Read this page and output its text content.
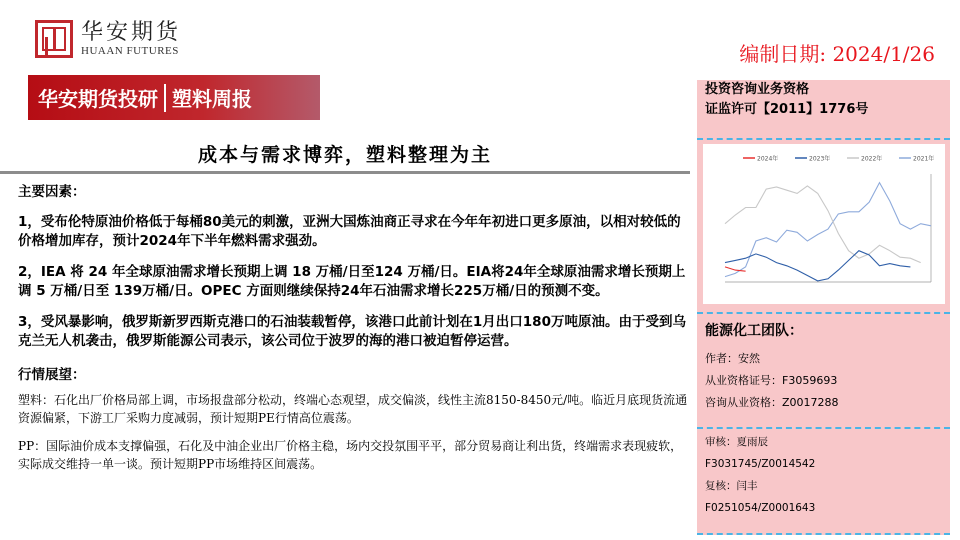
华安期货
HUAAN FUTURES
华安期货投研 塑料周报
编制日期: 2024/1/26
成本与需求博弈，塑料整理为主
主要因素：
1，受布伦特原油价格低于每桶80美元的刺激，亚洲大国炼油商正寻求在今年年初进口更多原油，以相对较低的价格增加库存，预计2024年下半年燃料需求强劲。
2，IEA 将 24 年全球原油需求增长预期上调 18 万桶/日至124 万桶/日。EIA将24年全球原油需求增长预期上调 5 万桶/日至 139万桶/日。OPEC 方面则继续保持24年石油需求增长225万桶/日的预测不变。
3，受风暴影响，俄罗斯新罗西斯克港口的石油装载暂停，该港口此前计划在1月出口180万吨原油。由于受到乌克兰无人机袭击，俄罗斯能源公司表示，该公司位于波罗的海的港口被迫暂停运营。
行情展望：
塑料：石化出厂价格局部上调，市场报盘部分松动，终端心态观望，成交偏淡，线性主流8150-8450元/吨。临近月底现货流通资源偏紧，下游工厂采购力度减弱，预计短期PE行情高位震荡。
PP：国际油价成本支撑偏强，石化及中油企业出厂价格主稳，场内交投氛围平平，部分贸易商让利出货，终端需求表现疲软，实际成交维持一单一谈。预计短期PP市场维持区间震荡。
投资咨询业务资格
证监许可【2011】1776号
2024年	2023年	2022年	2021年
能源化工团队：
作者：安然
从业资格证号：F3059693
咨询从业资格：Z0017288
审核：夏雨辰
F3031745/Z0014542
复核：闫丰
F0251054/Z0001643
